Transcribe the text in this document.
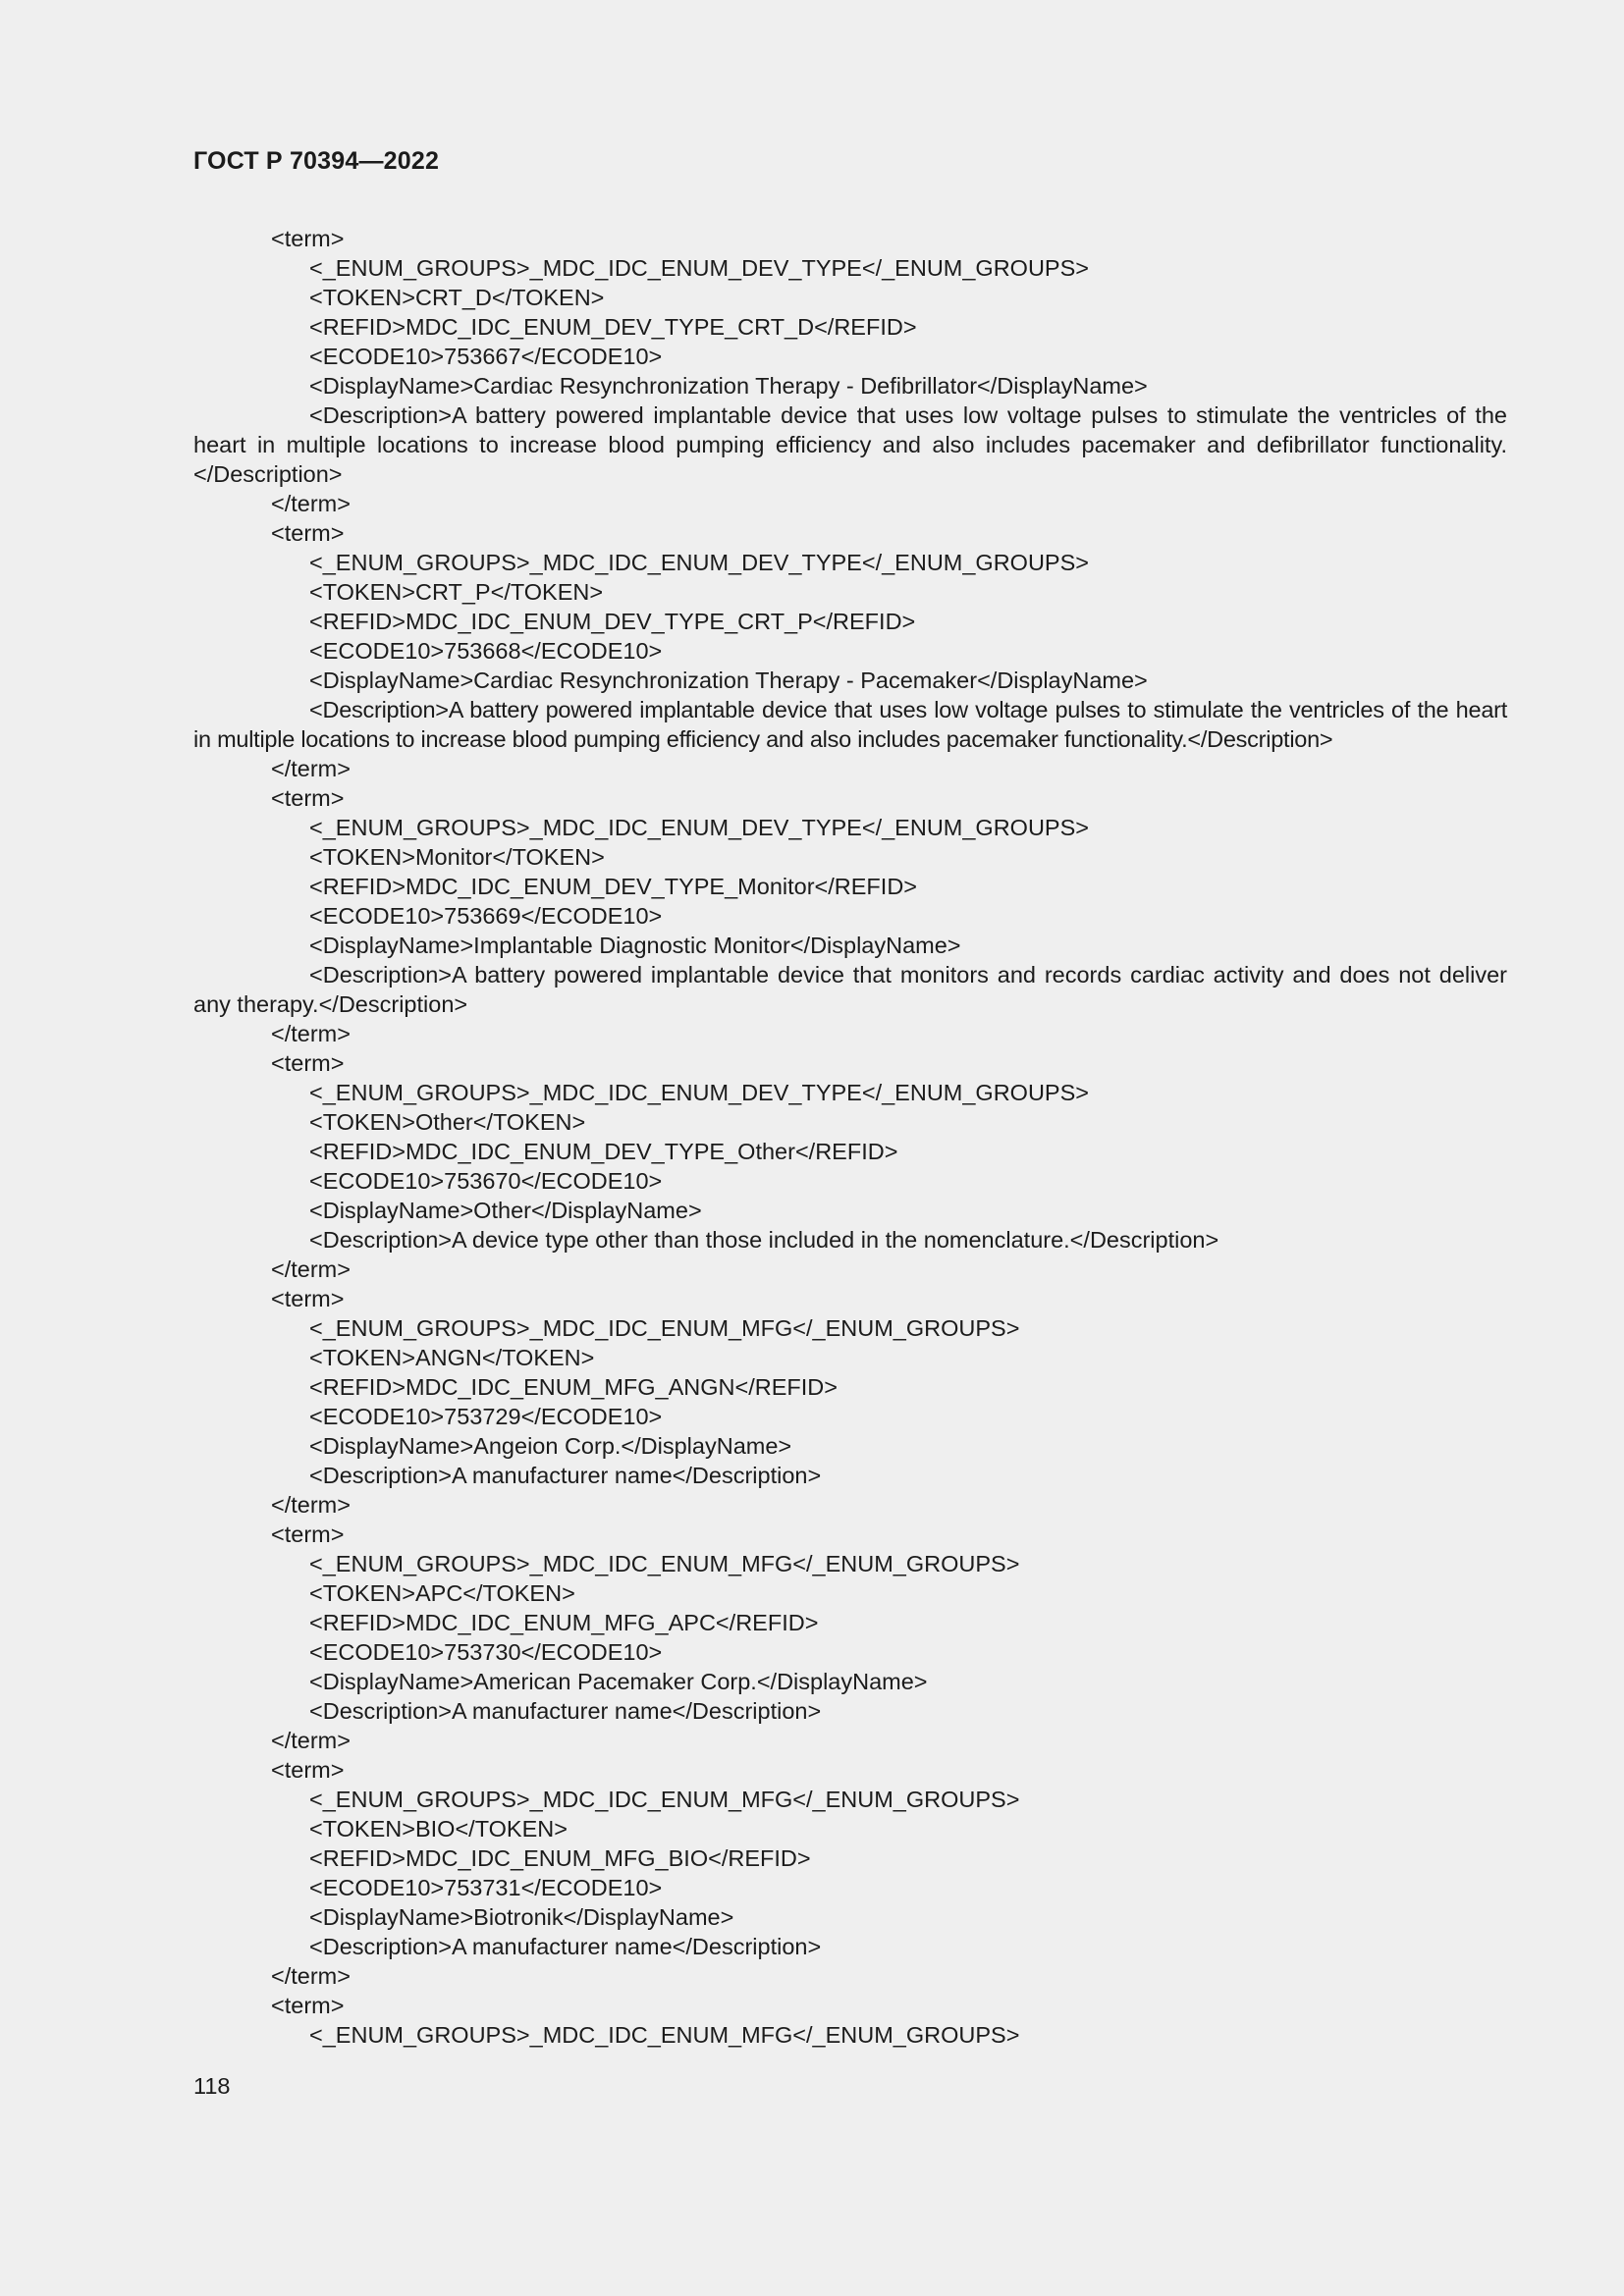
ГОСТ Р 70394—2022
<term>
<_ENUM_GROUPS>_MDC_IDC_ENUM_DEV_TYPE</_ENUM_GROUPS>
<TOKEN>CRT_D</TOKEN>
<REFID>MDC_IDC_ENUM_DEV_TYPE_CRT_D</REFID>
<ECODE10>753667</ECODE10>
<DisplayName>Cardiac Resynchronization Therapy - Defibrillator</DisplayName>

<Description>A battery powered implantable device that uses low voltage pulses to stimulate the ventricles of the heart in multiple locations to increase blood pumping efficiency and also includes pacemaker and defibrillator functionality.</Description>

</term>
<term>
<_ENUM_GROUPS>_MDC_IDC_ENUM_DEV_TYPE</_ENUM_GROUPS>
<TOKEN>CRT_P</TOKEN>
<REFID>MDC_IDC_ENUM_DEV_TYPE_CRT_P</REFID>
<ECODE10>753668</ECODE10>
<DisplayName>Cardiac Resynchronization Therapy - Pacemaker</DisplayName>

<Description>A battery powered implantable device that uses low voltage pulses to stimulate the ventricles of the heart in multiple locations to increase blood pumping efficiency and also includes pacemaker functionality.</Description>

</term>
<term>
<_ENUM_GROUPS>_MDC_IDC_ENUM_DEV_TYPE</_ENUM_GROUPS>
<TOKEN>Monitor</TOKEN>
<REFID>MDC_IDC_ENUM_DEV_TYPE_Monitor</REFID>
<ECODE10>753669</ECODE10>
<DisplayName>Implantable Diagnostic Monitor</DisplayName>

<Description>A battery powered implantable device that monitors and records cardiac activity and does not deliver any therapy.</Description>

</term>
<term>
<_ENUM_GROUPS>_MDC_IDC_ENUM_DEV_TYPE</_ENUM_GROUPS>
<TOKEN>Other</TOKEN>
<REFID>MDC_IDC_ENUM_DEV_TYPE_Other</REFID>
<ECODE10>753670</ECODE10>
<DisplayName>Other</DisplayName>
<Description>A device type other than those included in the nomenclature.</Description>
</term>
<term>
<_ENUM_GROUPS>_MDC_IDC_ENUM_MFG</_ENUM_GROUPS>
<TOKEN>ANGN</TOKEN>
<REFID>MDC_IDC_ENUM_MFG_ANGN</REFID>
<ECODE10>753729</ECODE10>
<DisplayName>Angeion Corp.</DisplayName>
<Description>A manufacturer name</Description>
</term>
<term>
<_ENUM_GROUPS>_MDC_IDC_ENUM_MFG</_ENUM_GROUPS>
<TOKEN>APC</TOKEN>
<REFID>MDC_IDC_ENUM_MFG_APC</REFID>
<ECODE10>753730</ECODE10>
<DisplayName>American Pacemaker Corp.</DisplayName>
<Description>A manufacturer name</Description>
</term>
<term>
<_ENUM_GROUPS>_MDC_IDC_ENUM_MFG</_ENUM_GROUPS>
<TOKEN>BIO</TOKEN>
<REFID>MDC_IDC_ENUM_MFG_BIO</REFID>
<ECODE10>753731</ECODE10>
<DisplayName>Biotronik</DisplayName>
<Description>A manufacturer name</Description>
</term>
<term>
<_ENUM_GROUPS>_MDC_IDC_ENUM_MFG</_ENUM_GROUPS>
118
